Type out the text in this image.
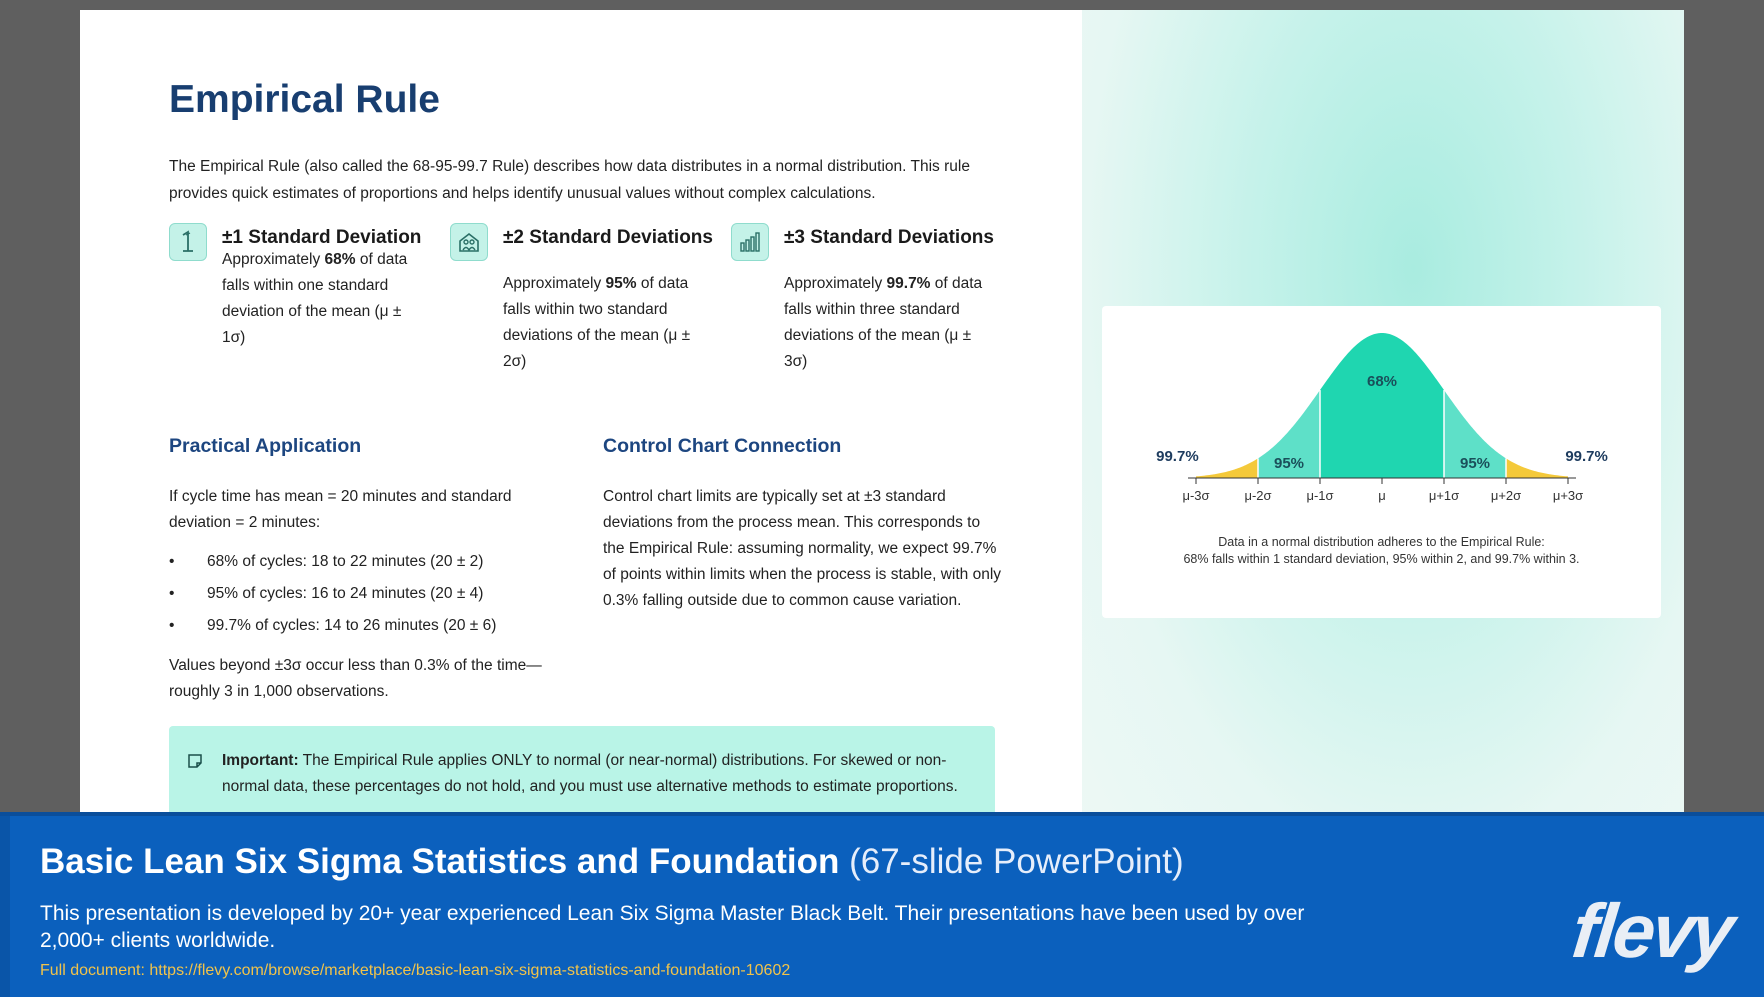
Empirical Rule

The Empirical Rule (also called the 68-95-99.7 Rule) describes how data distributes in a normal distribution. This rule provides quick estimates of proportions and helps identify unusual values without complex calculations.

±1 Standard Deviation

Approximately 68% of data falls within one standard deviation of the mean (μ ± 1σ)

±2 Standard Deviations

Approximately 95% of data falls within two standard deviations of the mean (μ ± 2σ)

±3 Standard Deviations

Approximately 99.7% of data falls within three standard deviations of the mean (μ ± 3σ)

Practical Application

If cycle time has mean = 20 minutes and standard deviation = 2 minutes:

• 68% of cycles: 18 to 22 minutes (20 ± 2)
• 95% of cycles: 16 to 24 minutes (20 ± 4)
• 99.7% of cycles: 14 to 26 minutes (20 ± 6)

Values beyond ±3σ occur less than 0.3% of the time—roughly 3 in 1,000 observations.

Control Chart Connection

Control chart limits are typically set at ±3 standard deviations from the process mean. This corresponds to the Empirical Rule: assuming normality, we expect 99.7% of points within limits when the process is stable, with only 0.3% falling outside due to common cause variation.

Important: The Empirical Rule applies ONLY to normal (or near-normal) distributions. For skewed or non-normal data, these percentages do not hold, and you must use alternative methods to estimate proportions.

μ-3σ	μ-2σ	μ-1σ	μ	μ+1σ μ+2σ μ+3σ
68%
95%	95%
99.7%	99.7%
Data in a normal distribution adheres to the Empirical Rule:
68% falls within 1 standard deviation, 95% within 2, and 99.7% within 3.
Basic Lean Six Sigma Statistics and Foundation (67-slide PowerPoint)

This presentation is developed by 20+ year experienced Lean Six Sigma Master Black Belt. Their presentations have been used by over 2,000+ clients worldwide.

Full document: https://flevy.com/browse/marketplace/basic-lean-six-sigma-statistics-and-foundation-10602	flevy
